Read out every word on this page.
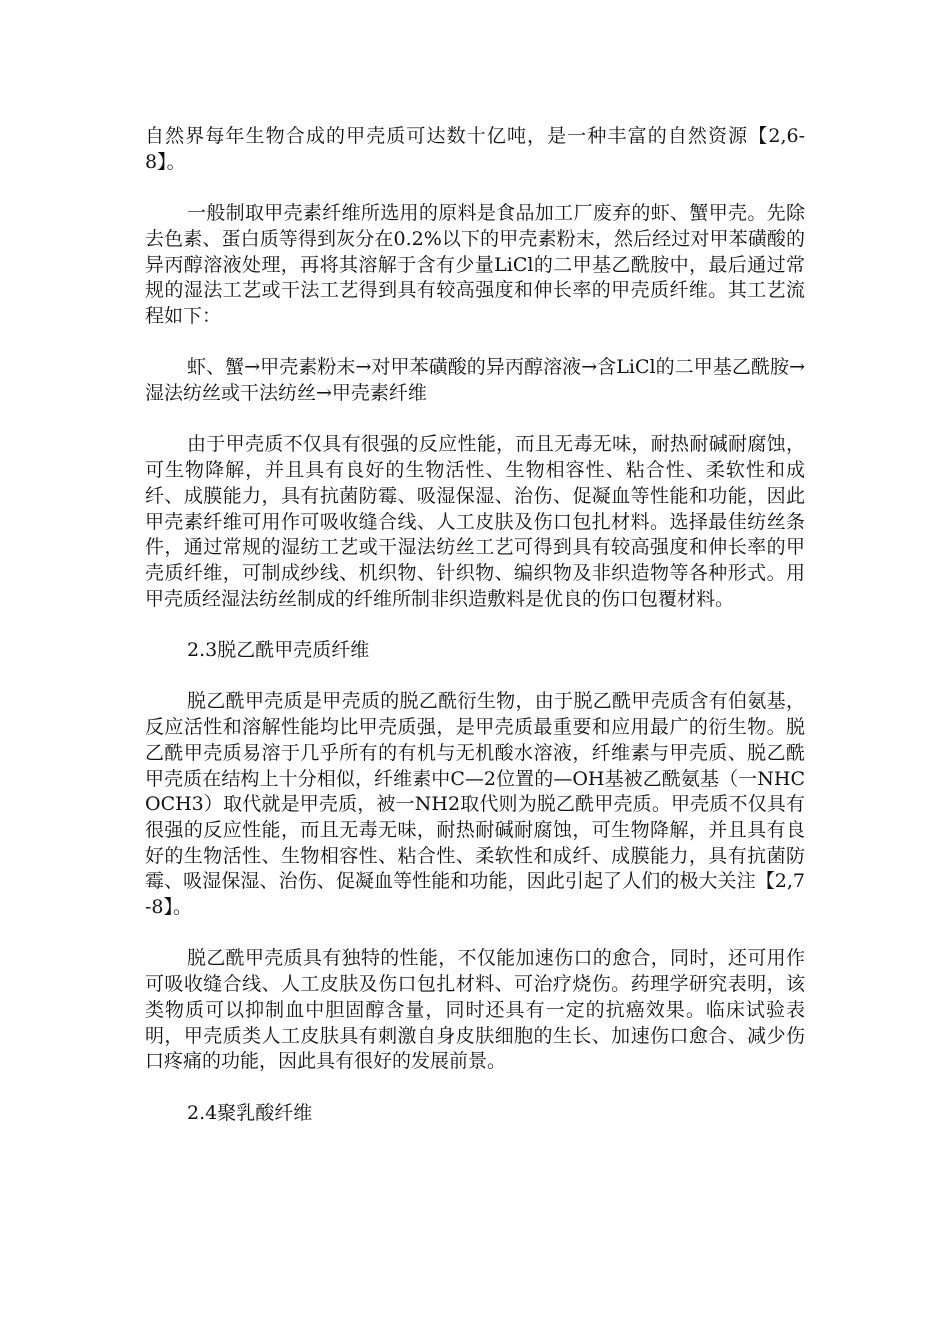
自然界每年生物合成的甲壳质可达数十亿吨，是一种丰富的自然资源【2,6-8】。

一般制取甲壳素纤维所选用的原料是食品加工厂废弃的虾、蟹甲壳。先除去色素、蛋白质等得到灰分在0.2%以下的甲壳素粉末，然后经过对甲苯磺酸的异丙醇溶液处理，再将其溶解于含有少量LiCl的二甲基乙酰胺中，最后通过常规的湿法工艺或干法工艺得到具有较高强度和伸长率的甲壳质纤维。其工艺流程如下：

虾、蟹→甲壳素粉末→对甲苯磺酸的异丙醇溶液→含LiCl的二甲基乙酰胺→湿法纺丝或干法纺丝→甲壳素纤维

由于甲壳质不仅具有很强的反应性能，而且无毒无味，耐热耐碱耐腐蚀，可生物降解，并且具有良好的生物活性、生物相容性、粘合性、柔软性和成纤、成膜能力，具有抗菌防霉、吸湿保湿、治伤、促凝血等性能和功能，因此甲壳素纤维可用作可吸收缝合线、人工皮肤及伤口包扎材料。选择最佳纺丝条件，通过常规的湿纺工艺或干湿法纺丝工艺可得到具有较高强度和伸长率的甲壳质纤维，可制成纱线、机织物、针织物、编织物及非织造物等各种形式。用甲壳质经湿法纺丝制成的纤维所制非织造敷料是优良的伤口包覆材料。

2.3脱乙酰甲壳质纤维

脱乙酰甲壳质是甲壳质的脱乙酰衍生物，由于脱乙酰甲壳质含有伯氨基，反应活性和溶解性能均比甲壳质强，是甲壳质最重要和应用最广的衍生物。脱乙酰甲壳质易溶于几乎所有的有机与无机酸水溶液，纤维素与甲壳质、脱乙酰甲壳质在结构上十分相似，纤维素中C—2位置的—OH基被乙酰氨基（一NHCOCH3）取代就是甲壳质，被一NH2取代则为脱乙酰甲壳质。甲壳质不仅具有很强的反应性能，而且无毒无味，耐热耐碱耐腐蚀，可生物降解，并且具有良好的生物活性、生物相容性、粘合性、柔软性和成纤、成膜能力，具有抗菌防霉、吸湿保湿、治伤、促凝血等性能和功能，因此引起了人们的极大关注【2,7-8】。

脱乙酰甲壳质具有独特的性能，不仅能加速伤口的愈合，同时，还可用作可吸收缝合线、人工皮肤及伤口包扎材料、可治疗烧伤。药理学研究表明，该类物质可以抑制血中胆固醇含量，同时还具有一定的抗癌效果。临床试验表明，甲壳质类人工皮肤具有刺激自身皮肤细胞的生长、加速伤口愈合、减少伤口疼痛的功能，因此具有很好的发展前景。

2.4聚乳酸纤维
